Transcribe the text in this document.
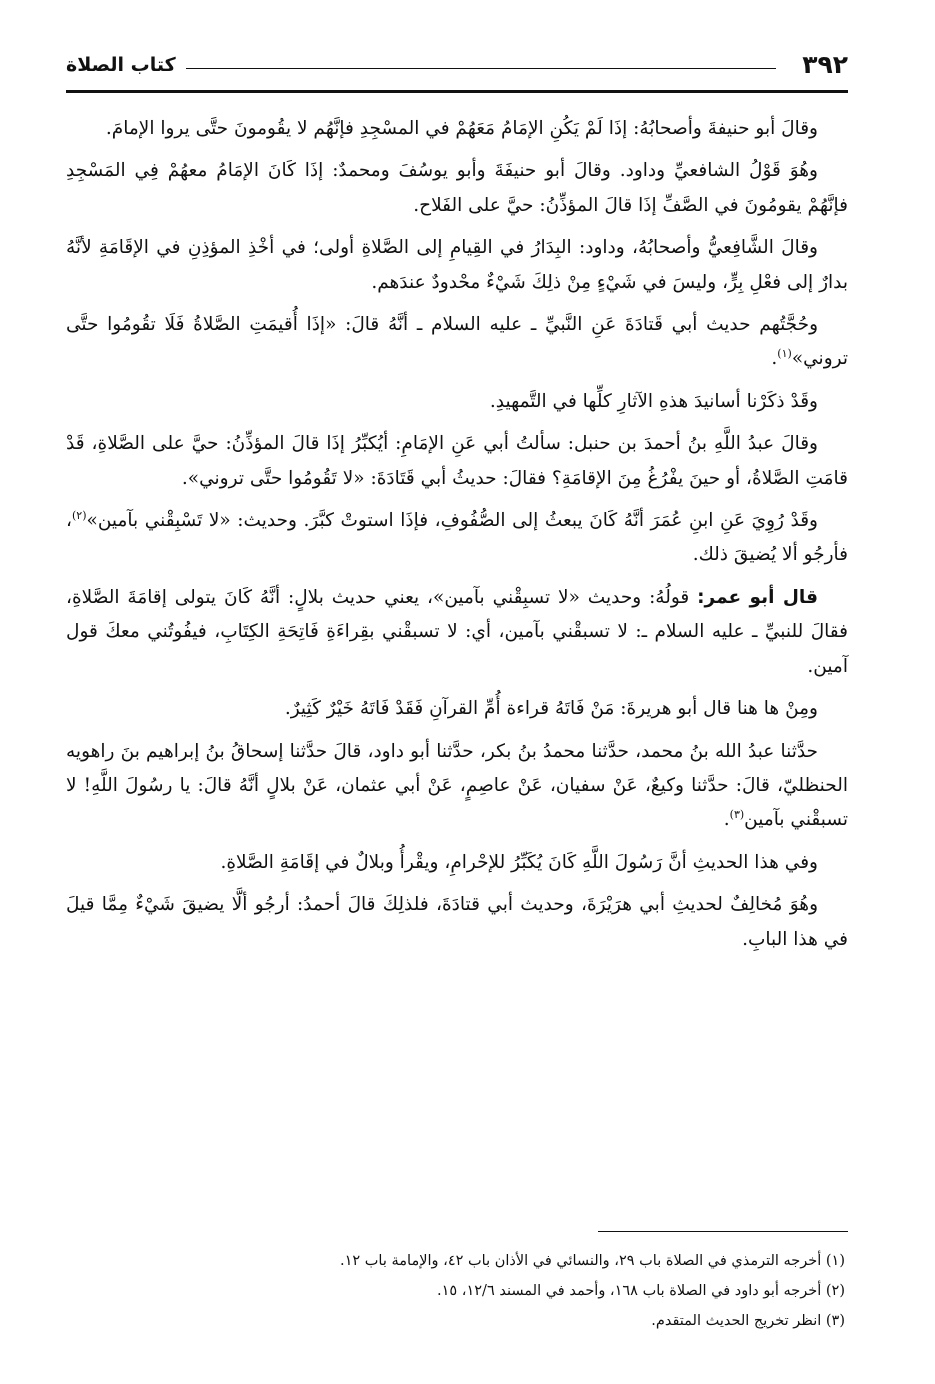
٣٩٢
كتاب الصلاة

وقالَ أبو حنيفةَ وأصحابُهُ: إذَا لَمْ يَكُنِ الإمَامُ مَعَهُمْ في المسْجِدِ فإنَّهُم لا يقُومونَ حتَّى يروا الإمامَ.

وهُوَ قَوْلُ الشافعيِّ وداود. وقالَ أبو حنيفَةَ وأبو يوسُفَ ومحمدٌ: إذَا كَانَ الإمَامُ معهُمْ فِي المَسْجِدِ فإنَّهُمْ يقومُونَ في الصَّفِّ إذَا قالَ المؤذِّنُ: حيَّ على الفَلاح.

وقالَ الشَّافِعيُّ وأصحابُهُ، وداود: البِدَارُ في القِيامِ إلى الصَّلاةِ أولى؛ في أخْذِ المؤذِنِ في الإقَامَةِ لأنَّهُ بدارٌ إلى فعْلِ بِرٍّ، وليسَ في شَيْءٍ مِنْ ذلِكَ شَيْءٌ محْدودٌ عندَهم.

وحُجَّتُهم حديث أبي قَتادَةَ عَنِ النَّبيِّ ـ عليه السلام ـ أنَّهُ قالَ: «إذَا أُقيمَتِ الصَّلاةُ فَلَا تقُومُوا حتَّى تروني»$^{(١)}$.

وقَدْ ذكَرْنا أسانيدَ هذهِ الآثارِ كلِّها في التَّمهيدِ.

وقالَ عبدُ اللَّهِ بنُ أحمدَ بن حنبل: سألتُ أبي عَنِ الإمَامِ: أيُكبِّرُ إذَا قالَ المؤذِّنُ: حيَّ على الصَّلاةِ، قَدْ قامَتِ الصَّلاةُ، أو حينَ يفْرُغُ مِنَ الإقامَةِ؟ فقالَ: حديثُ أبي قَتَادَةَ: «لا تَقُومُوا حتَّى تروني».

وقَدْ رُوِيَ عَنِ ابنِ عُمَرَ أنَّهُ كَانَ يبعثُ إلى الصُّفُوفِ، فإذَا استوتْ كبَّرَ. وحديث: «لا تَسْبِقْني بآمين»$^{(٢)}$، فأرجُو ألا يُضيقَ ذلك.

قال أبو عمر: قولُهُ: وحديث «لا تسبِقْني بآمين»، يعني حديث بلالٍ: أنَّهُ كَانَ يتولى إقامَةَ الصَّلاةِ، فقالَ للنبيِّ ـ عليه السلام ـ: لا تسبقْني بآمين، أي: لا تسبقْني بقِراءَةِ فَاتِحَةِ الكِتَابِ، فيفُوتُني معكَ قول آمين.

ومِنْ ها هنا قال أبو هريرةَ: مَنْ فَاتَهُ قراءة أُمِّ القرآنِ فَقَدْ فَاتَهُ خَيْرٌ كَثِيرٌ.

حدَّثنا عبدُ الله بنُ محمد، حدَّثنا محمدُ بنُ بكر، حدَّثنا أبو داود، قالَ حدَّثنا إسحاقُ بنُ إبراهيم بنَ راهويه الحنظليّ، قالَ: حدَّثنا وكيعٌ، عَنْ سفيان، عَنْ عاصِمٍ، عَنْ أبي عثمان، عَنْ بلالٍ أنَّهُ قالَ: يا رسُولَ اللَّهِ! لا تسبقْني بآمين$^{(٣)}$.

وفي هذا الحديثِ أنَّ رَسُولَ اللَّهِ كَانَ يُكَبِّرُ للإحْرامِ، ويقْرأُ وبلالٌ في إقَامَةِ الصَّلاةِ.

وهُوَ مُخالِفٌ لحديثِ أبي هرَيْرَةَ، وحديث أبي قتادَةَ، فلذلِكَ قالَ أحمدُ: أرجُو ألَّا يضيقَ شَيْءٌ مِمَّا قيلَ في هذا البابِ.

(١) أخرجه الترمذي في الصلاة باب ٢٩، والنسائي في الأذان باب ٤٢، والإمامة باب ١٢.
(٢) أخرجه أبو داود في الصلاة باب ١٦٨، وأحمد في المسند ١٢/٦، ١٥.
(٣) انظر تخريج الحديث المتقدم.
